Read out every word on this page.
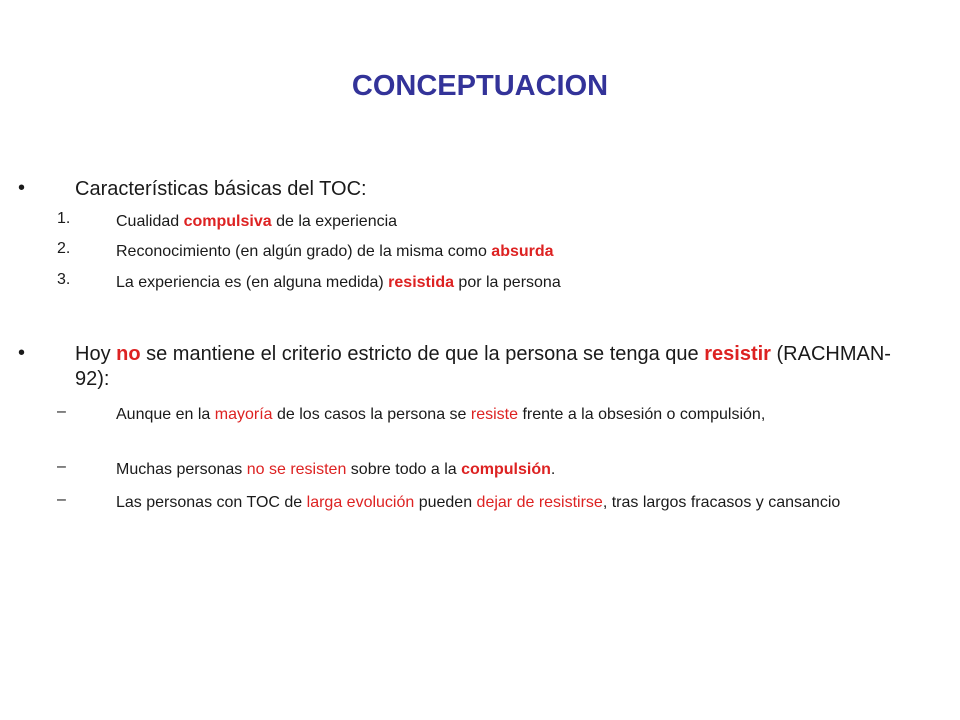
CONCEPTUACION
• Características básicas del TOC:
1.	Cualidad compulsiva de la experiencia
2.	Reconocimiento (en algún grado) de la misma como absurda
3.	La experiencia es (en alguna medida) resistida por la persona
• Hoy no se mantiene el criterio estricto de que la persona se tenga que resistir (RACHMAN-92):
–	Aunque en la mayoría de los casos la persona se resiste frente a la obsesión o compulsión,
–	Muchas personas no se resisten sobre todo a la compulsión.
–	Las personas con TOC de larga evolución pueden dejar de resistirse, tras largos fracasos y cansancio
